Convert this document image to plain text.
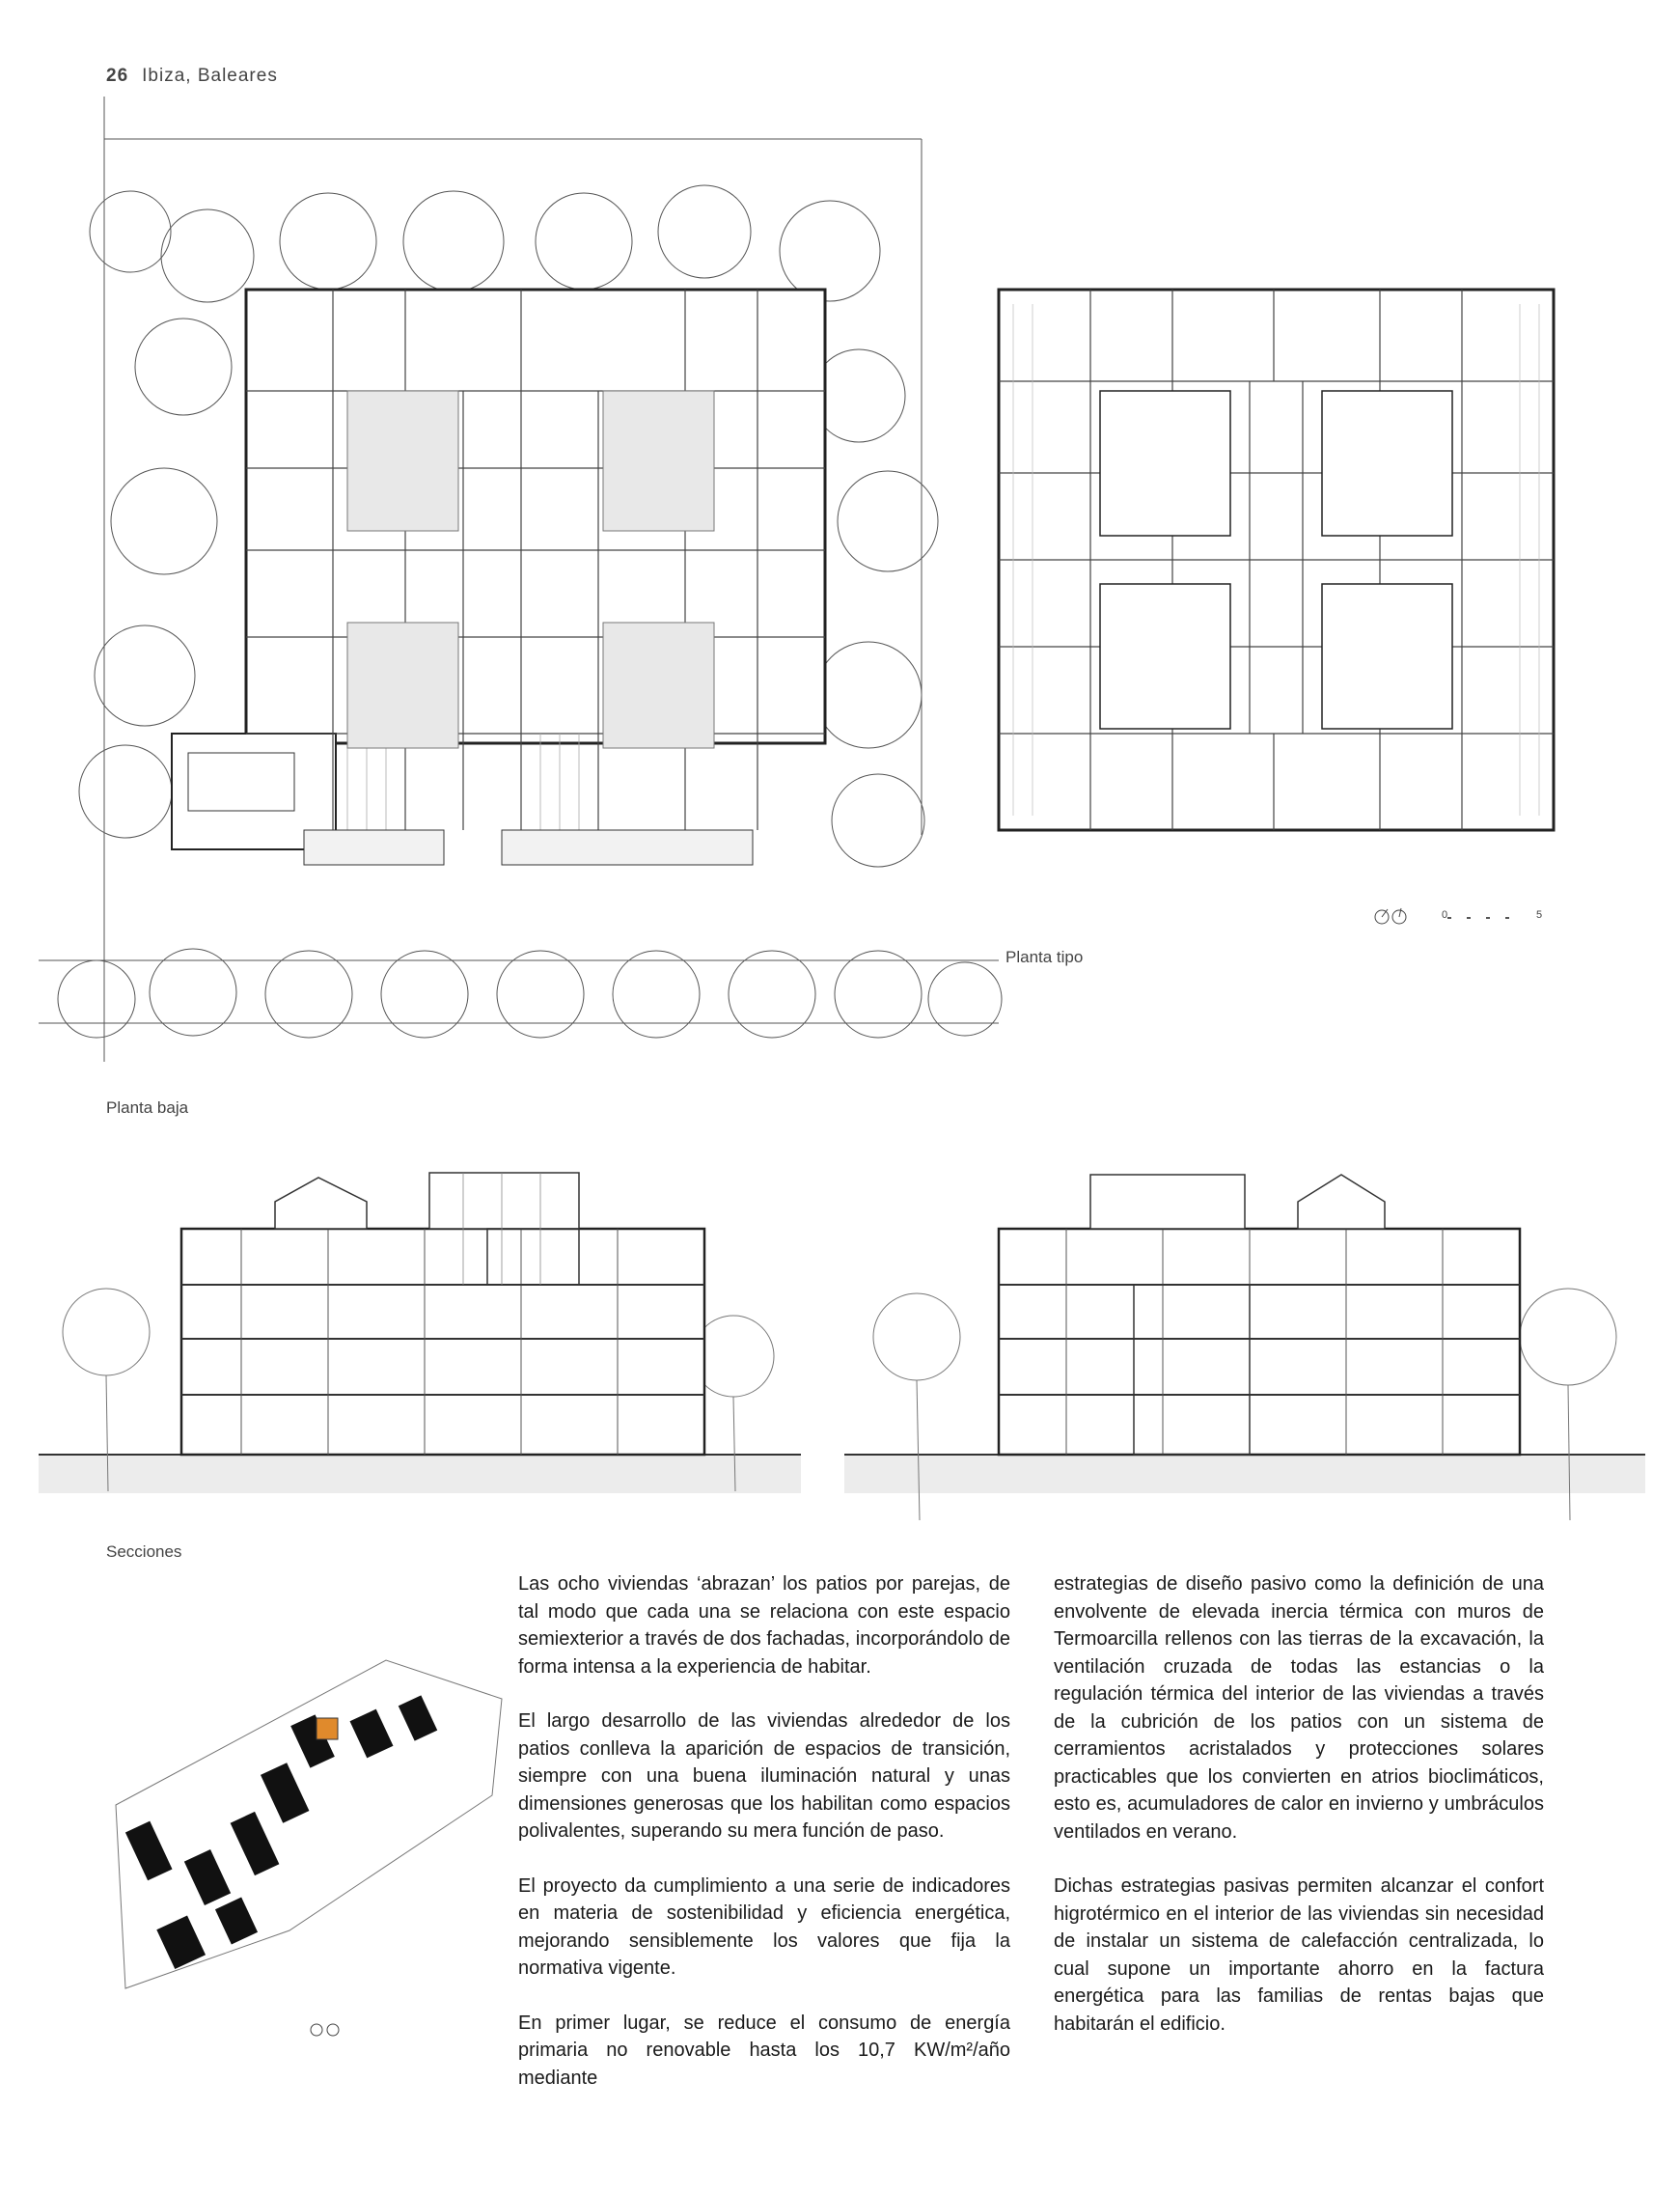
26 Ibiza, Baleares
Planta baja
0	5
Planta tipo
Secciones

Las ocho viviendas ‘abrazan’ los patios por parejas, de tal modo que cada una se relaciona con este espacio semiexterior a través de dos fachadas, incorporándolo de forma intensa a la experiencia de habitar.

El largo desarrollo de las viviendas alrededor de los patios conlleva la aparición de espacios de transición, siempre con una buena iluminación natural y unas dimensiones generosas que los habilitan como espacios polivalentes, superando su mera función de paso.

El proyecto da cumplimiento a una serie de indicadores en materia de sostenibilidad y eficiencia energética, mejorando sensiblemente los valores que fija la normativa vigente.

En primer lugar, se reduce el consumo de energía primaria no renovable hasta los 10,7 KW/m²/año mediante

estrategias de diseño pasivo como la definición de una envolvente de elevada inercia térmica con muros de Termoarcilla rellenos con las tierras de la excavación, la ventilación cruzada de todas las estancias o la regulación térmica del interior de las viviendas a través de la cubrición de los patios con un sistema de cerramientos acristalados y protecciones solares practicables que los convierten en atrios bioclimáticos, esto es, acumuladores de calor en invierno y umbráculos ventilados en verano.

Dichas estrategias pasivas permiten alcanzar el confort higrotérmico en el interior de las viviendas sin necesidad de instalar un sistema de calefacción centralizada, lo cual supone un importante ahorro en la factura energética para las familias de rentas bajas que habitarán el edificio.
